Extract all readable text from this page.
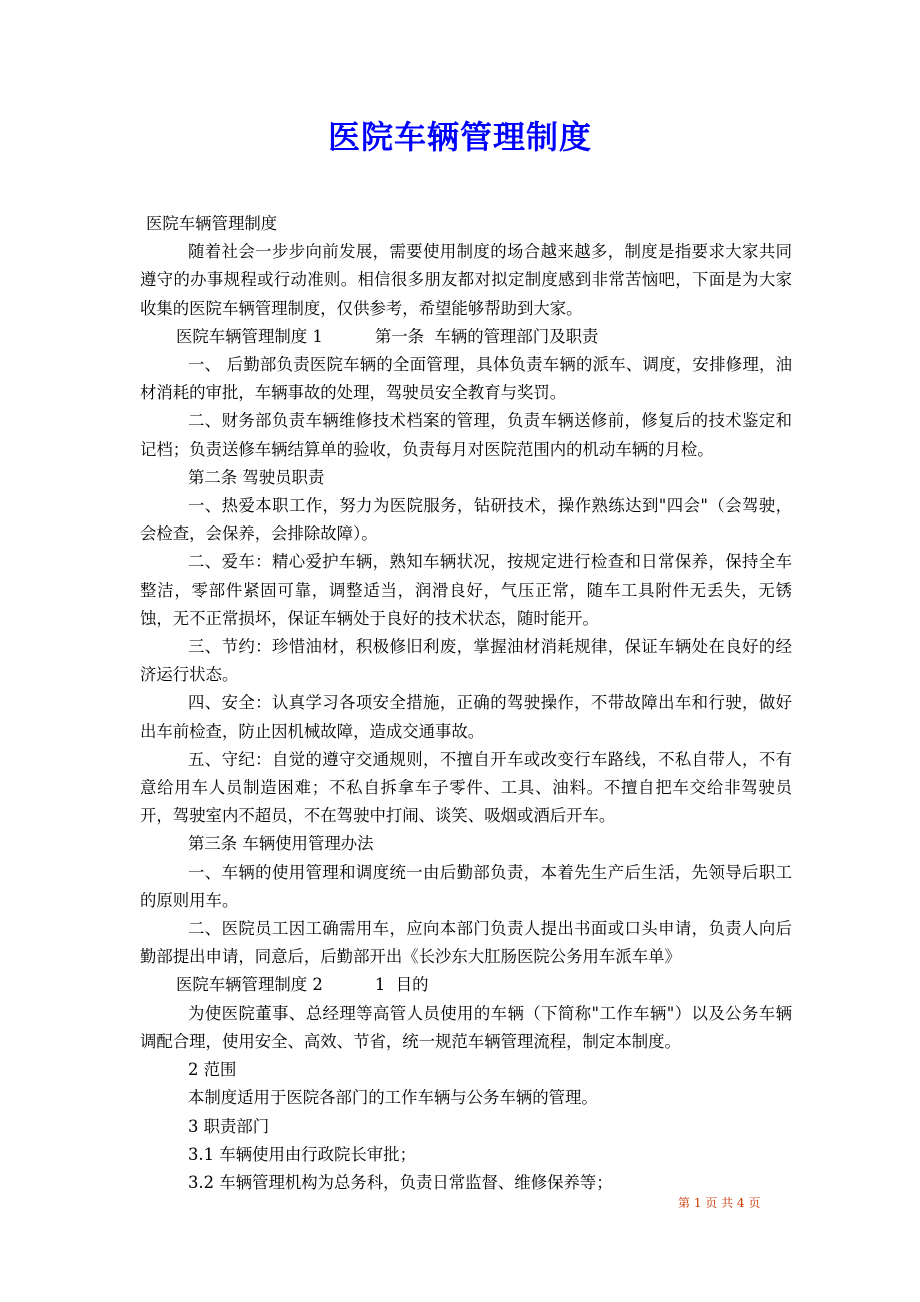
医院车辆管理制度

医院车辆管理制度

随着社会一步步向前发展，需要使用制度的场合越来越多，制度是指要求大家共同遵守的办事规程或行动准则。相信很多朋友都对拟定制度感到非常苦恼吧，下面是为大家收集的医院车辆管理制度，仅供参考，希望能够帮助到大家。

医院车辆管理制度 1          第一条  车辆的管理部门及职责

一、 后勤部负责医院车辆的全面管理，具体负责车辆的派车、调度，安排修理，油材消耗的审批，车辆事故的处理，驾驶员安全教育与奖罚。

二、财务部负责车辆维修技术档案的管理，负责车辆送修前，修复后的技术鉴定和记档；负责送修车辆结算单的验收，负责每月对医院范围内的机动车辆的月检。

第二条 驾驶员职责

一、热爱本职工作，努力为医院服务，钻研技术，操作熟练达到"四会"（会驾驶，会检查，会保养，会排除故障）。

二、爱车：精心爱护车辆，熟知车辆状况，按规定进行检查和日常保养，保持全车整洁，零部件紧固可靠，调整适当，润滑良好，气压正常，随车工具附件无丢失，无锈蚀，无不正常损坏，保证车辆处于良好的技术状态，随时能开。

三、节约：珍惜油材，积极修旧利废，掌握油材消耗规律，保证车辆处在良好的经济运行状态。

四、安全：认真学习各项安全措施，正确的驾驶操作，不带故障出车和行驶，做好出车前检查，防止因机械故障，造成交通事故。

五、守纪：自觉的遵守交通规则，不擅自开车或改变行车路线，不私自带人，不有意给用车人员制造困难；不私自拆拿车子零件、工具、油料。不擅自把车交给非驾驶员开，驾驶室内不超员，不在驾驶中打闹、谈笑、吸烟或酒后开车。

第三条 车辆使用管理办法

一、车辆的使用管理和调度统一由后勤部负责，本着先生产后生活，先领导后职工的原则用车。

二、医院员工因工确需用车，应向本部门负责人提出书面或口头申请，负责人向后勤部提出申请，同意后，后勤部开出《长沙东大肛肠医院公务用车派车单》

医院车辆管理制度 2          1  目的

为使医院董事、总经理等高管人员使用的车辆（下简称"工作车辆"）以及公务车辆调配合理，使用安全、高效、节省，统一规范车辆管理流程，制定本制度。

2 范围

本制度适用于医院各部门的工作车辆与公务车辆的管理。

3 职责部门

3.1 车辆使用由行政院长审批；

3.2 车辆管理机构为总务科，负责日常监督、维修保养等；

第 1 页 共 4 页
